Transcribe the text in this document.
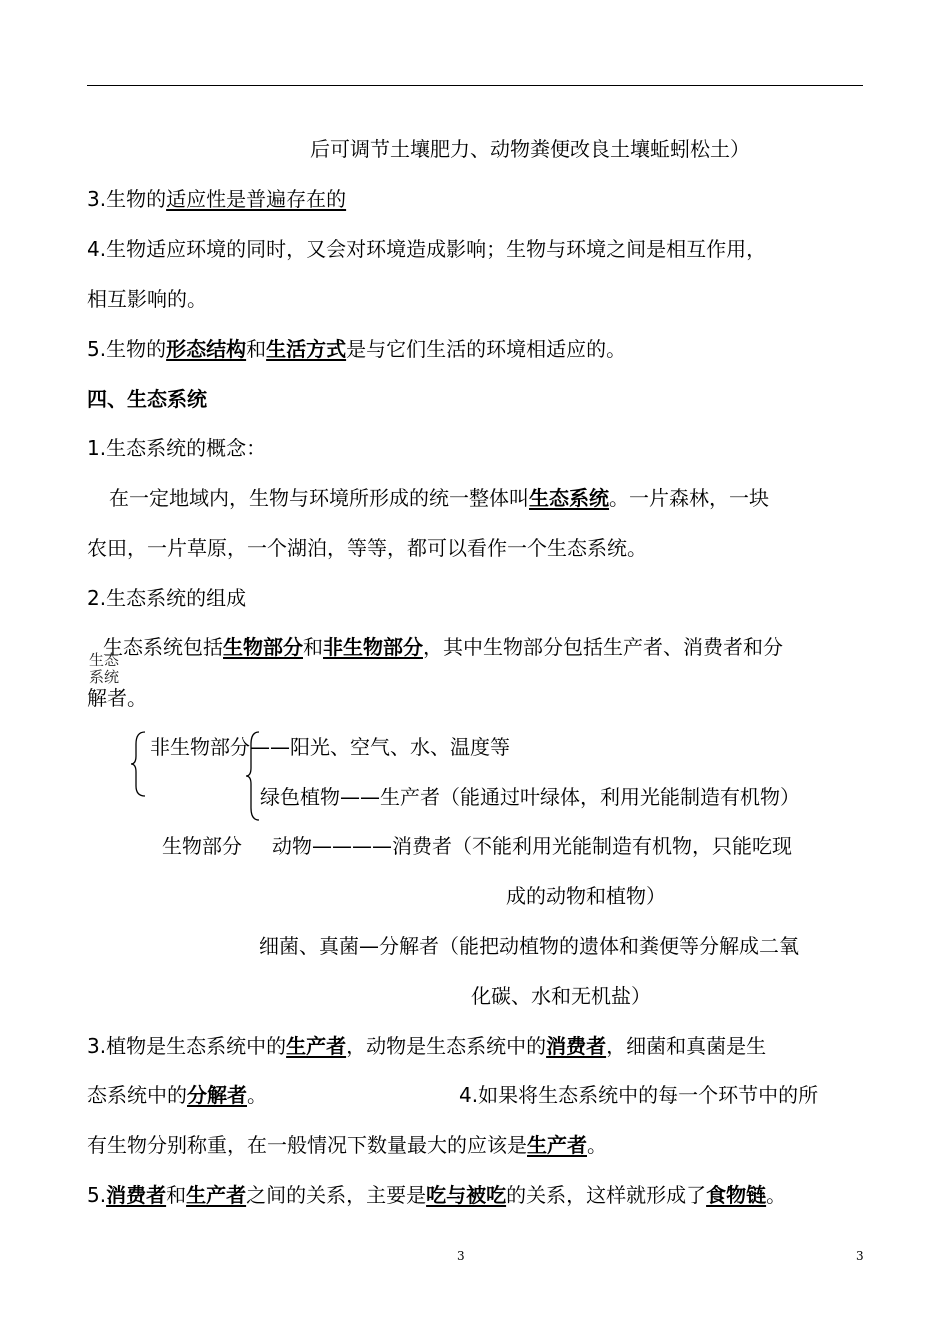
后可调节土壤肥力、动物粪便改良土壤蚯蚓松土）
3.生物的适应性是普遍存在的
4.生物适应环境的同时，又会对环境造成影响；生物与环境之间是相互作用，
相互影响的。
5.生物的形态结构和生活方式是与它们生活的环境相适应的。
四、生态系统
1.生态系统的概念：
在一定地域内，生物与环境所形成的统一整体叫生态系统。一片森林，一块
农田，一片草原，一个湖泊，等等，都可以看作一个生态系统。
2.生态系统的组成
生态系统包括生物部分和非生物部分，其中生物部分包括生产者、消费者和分
生态
系统
解者。
非生物部分——阳光、空气、水、温度等
绿色植物——生产者（能通过叶绿体，利用光能制造有机物）
生物部分 动物————消费者（不能利用光能制造有机物，只能吃现
成的动物和植物）
细菌、真菌—分解者（能把动植物的遗体和粪便等分解成二氧
化碳、水和无机盐）
3.植物是生态系统中的生产者，动物是生态系统中的消费者，细菌和真菌是生
态系统中的分解者。	4.如果将生态系统中的每一个环节中的所
有生物分别称重，在一般情况下数量最大的应该是生产者。
5.消费者和生产者之间的关系，主要是吃与被吃的关系，这样就形成了食物链。
3	3
